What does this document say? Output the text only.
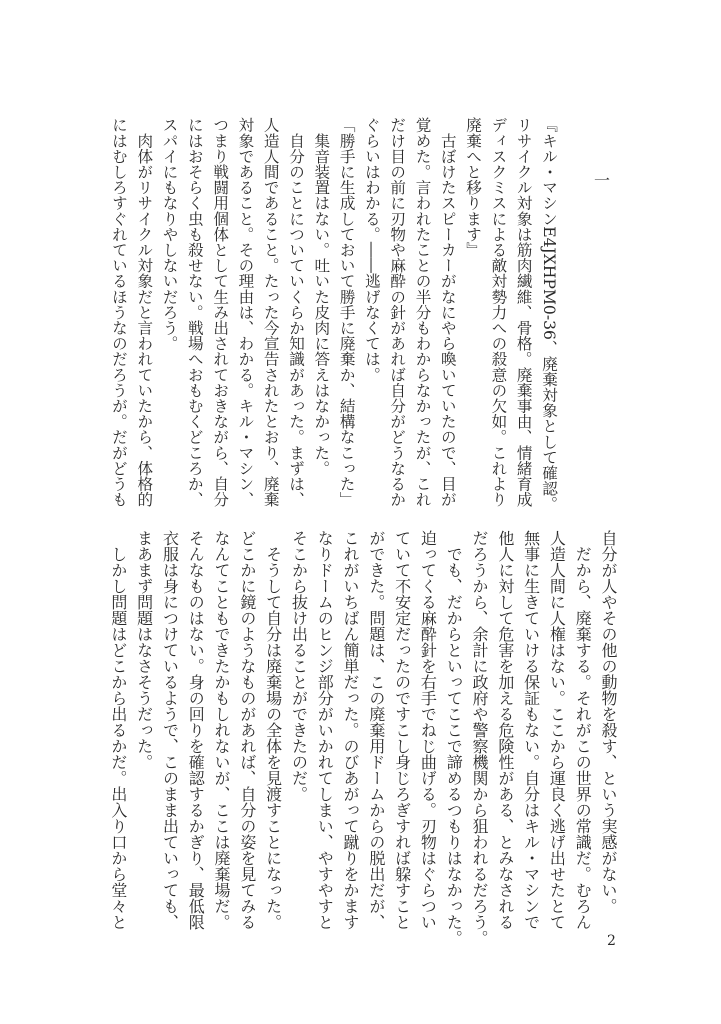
一
『キル・マシンE4JXHPM0‐36、廃棄対象として確認。
リサイクル対象は筋肉繊維、骨格。廃棄事由、情緒育成
ディスクミスによる敵対勢力への殺意の欠如。これより
廃棄へと移ります』
　古ぼけたスピーカーがなにやら喚いていたので、目が
覚めた。言われたことの半分もわからなかったが、これ
だけ目の前に刃物や麻酔の針があれば自分がどうなるか
ぐらいはわかる。――逃げなくては。
「勝手に生成しておいて勝手に廃棄か、結構なこった」
　集音装置はない。吐いた皮肉に答えはなかった。
　自分のことについていくらか知識があった。まずは、
人造人間であること。たった今宣告されたとおり、廃棄
対象であること。その理由は、わかる。キル・マシン、
つまり戦闘用個体として生み出されておきながら、自分
にはおそらく虫も殺せない。戦場へおもむくどころか、
スパイにもなりやしないだろう。
　肉体がリサイクル対象だと言われていたから、体格的
にはむしろすぐれているほうなのだろうが。だがどうも
自分が人やその他の動物を殺す、という実感がない。
　だから、廃棄する。それがこの世界の常識だ。むろん
人造人間に人権はない。ここから運良く逃げ出せたとて
無事に生きていける保証もない。自分はキル・マシンで
他人に対して危害を加える危険性がある、とみなされる
だろうから、余計に政府や警察機関から狙われるだろう。
　でも、だからといってここで諦めるつもりはなかった。
迫ってくる麻酔針を右手でねじ曲げる。刃物はぐらつい
ていて不安定だったのですこし身じろぎすれば躱すこと
ができた。問題は、この廃棄用ドームからの脱出だが、
これがいちばん簡単だった。のびあがって蹴りをかます
なりドームのヒンジ部分がいかれてしまい、やすやすと
そこから抜け出ることができたのだ。
　そうして自分は廃棄場の全体を見渡すことになった。
どこかに鏡のようなものがあれば、自分の姿を見てみる
なんてこともできたかもしれないが、ここは廃棄場だ。
そんなものはない。身の回りを確認するかぎり、最低限
衣服は身につけているようで、このまま出ていっても、
まあまず問題はなさそうだった。
　しかし問題はどこから出るかだ。出入り口から堂々と
2
